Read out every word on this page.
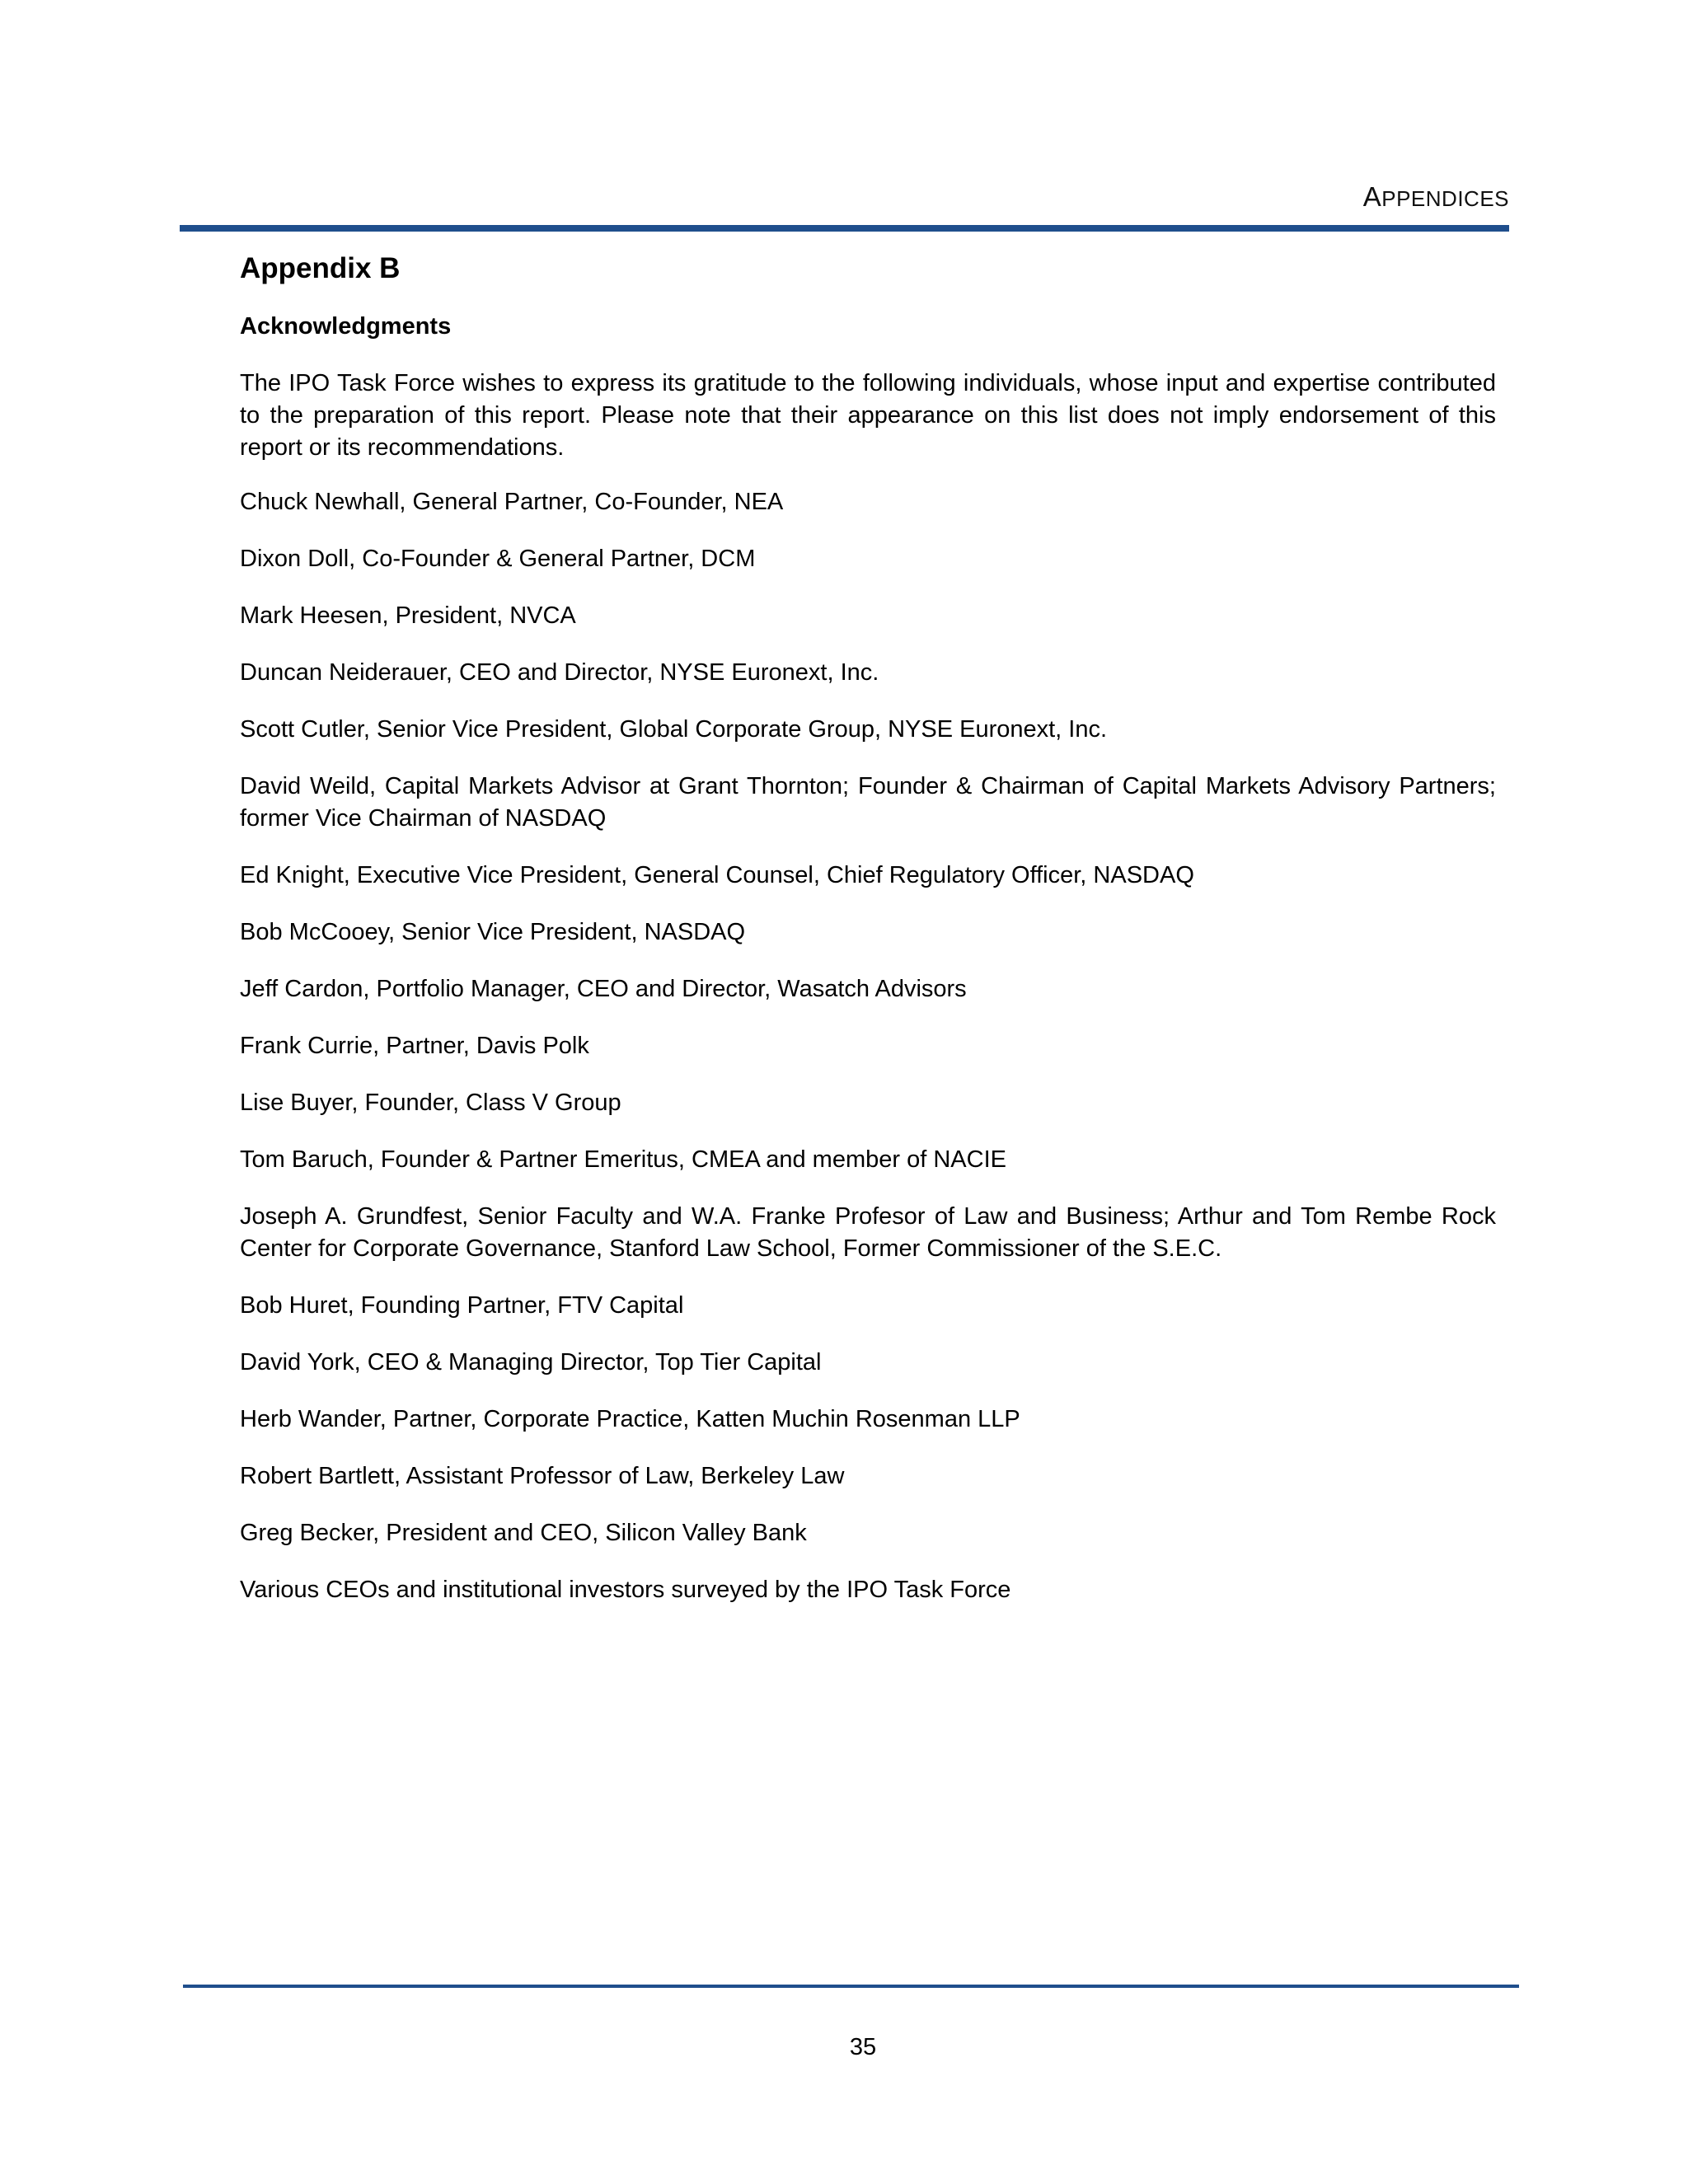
APPENDICES
Appendix B
Acknowledgments

The IPO Task Force wishes to express its gratitude to the following individuals, whose input and expertise contributed to the preparation of this report. Please note that their appearance on this list does not imply endorsement of this report or its recommendations.

Chuck Newhall, General Partner, Co-Founder, NEA
Dixon Doll, Co-Founder & General Partner, DCM
Mark Heesen, President, NVCA
Duncan Neiderauer, CEO and Director, NYSE Euronext, Inc.
Scott Cutler, Senior Vice President, Global Corporate Group, NYSE Euronext, Inc.
David Weild, Capital Markets Advisor at Grant Thornton; Founder & Chairman of Capital Markets Advisory Partners; former Vice Chairman of NASDAQ
Ed Knight, Executive Vice President, General Counsel, Chief Regulatory Officer, NASDAQ
Bob McCooey, Senior Vice President, NASDAQ
Jeff Cardon, Portfolio Manager, CEO and Director, Wasatch Advisors
Frank Currie, Partner, Davis Polk
Lise Buyer, Founder, Class V Group
Tom Baruch, Founder & Partner Emeritus, CMEA and member of NACIE
Joseph A. Grundfest, Senior Faculty and W.A. Franke Profesor of Law and Business; Arthur and Tom Rembe Rock Center for Corporate Governance, Stanford Law School, Former Commissioner of the S.E.C.
Bob Huret, Founding Partner, FTV Capital
David York, CEO & Managing Director, Top Tier Capital
Herb Wander, Partner, Corporate Practice, Katten Muchin Rosenman LLP
Robert Bartlett, Assistant Professor of Law, Berkeley Law
Greg Becker, President and CEO, Silicon Valley Bank
Various CEOs and institutional investors surveyed by the IPO Task Force
35
